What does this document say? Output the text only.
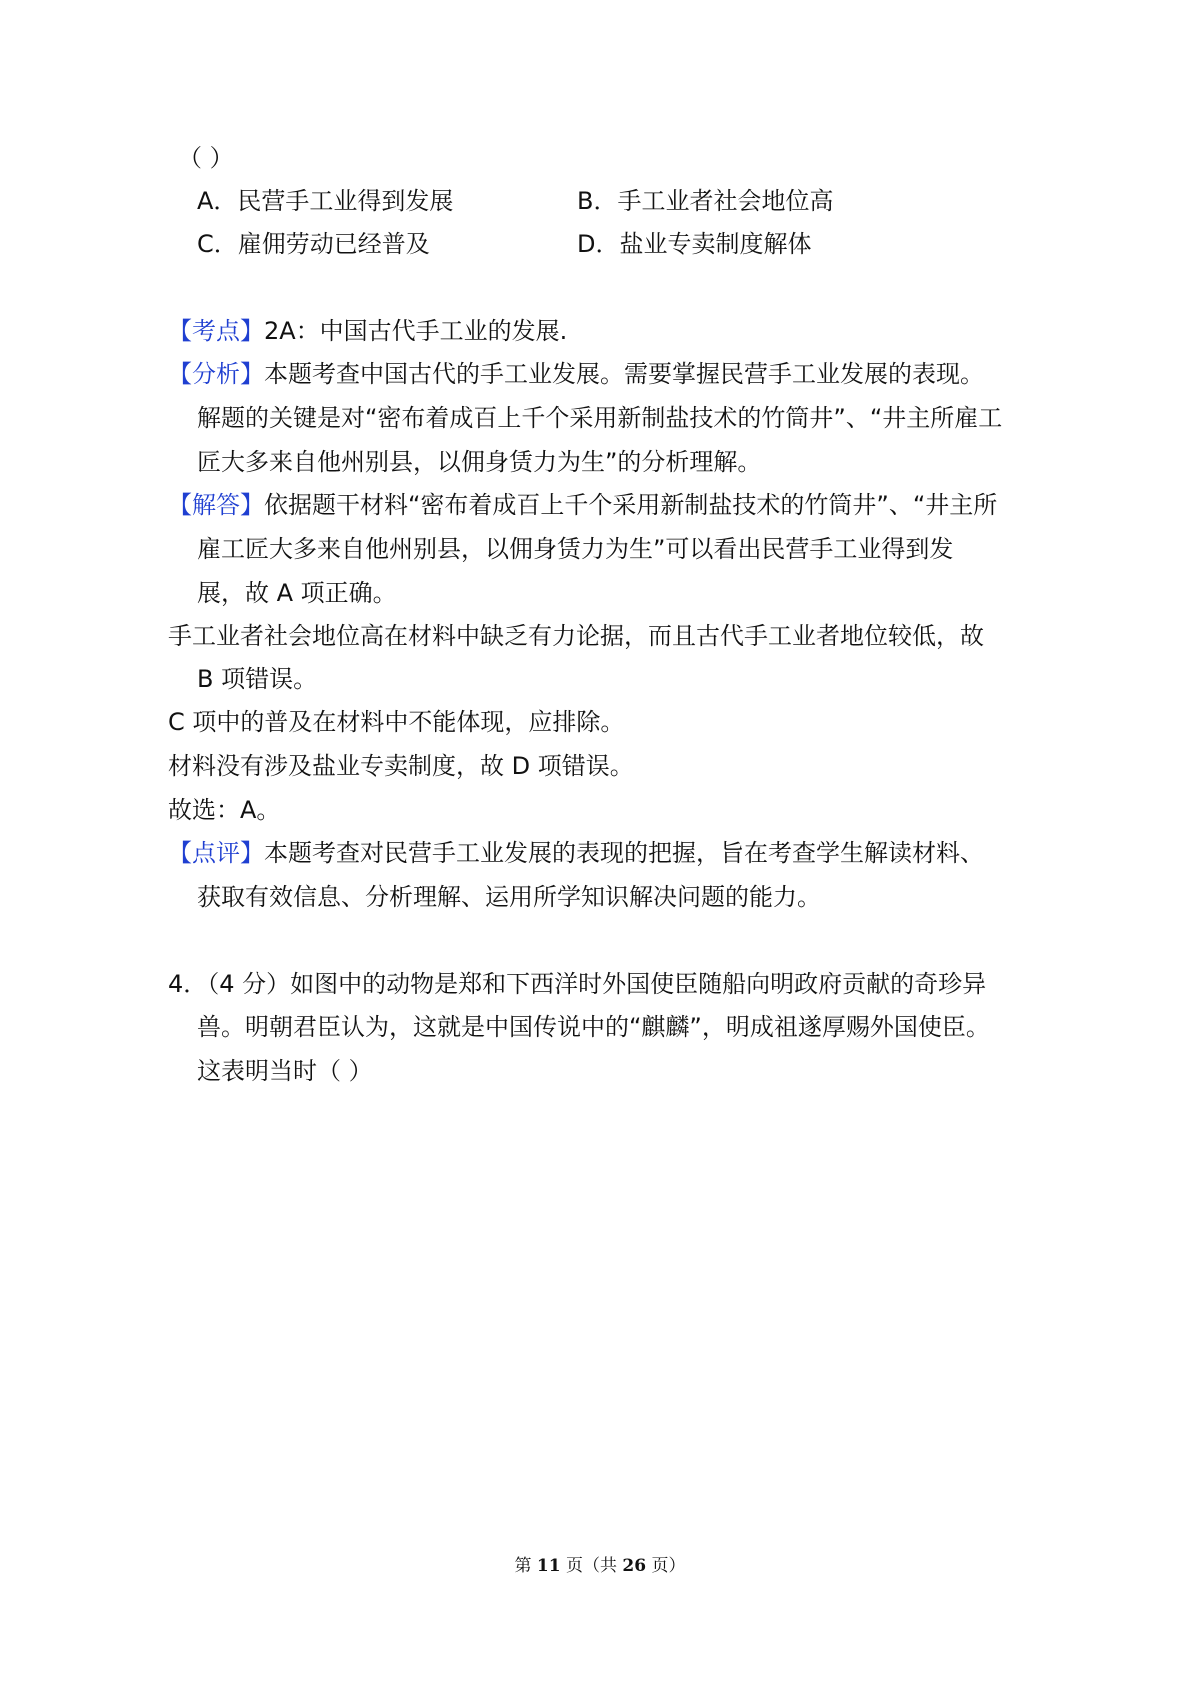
（ ）
A．民营手工业得到发展	B．手工业者社会地位高
C．雇佣劳动已经普及	D．盐业专卖制度解体
【考点】2A：中国古代手工业的发展.
【分析】本题考查中国古代的手工业发展。需要掌握民营手工业发展的表现。
解题的关键是对“密布着成百上千个采用新制盐技术的竹筒井”、“井主所雇工
匠大多来自他州别县，以佣身赁力为生”的分析理解。
【解答】依据题干材料“密布着成百上千个采用新制盐技术的竹筒井”、“井主所
雇工匠大多来自他州别县，以佣身赁力为生”可以看出民营手工业得到发
展，故 A 项正确。
手工业者社会地位高在材料中缺乏有力论据，而且古代手工业者地位较低，故
B 项错误。
C 项中的普及在材料中不能体现，应排除。
材料没有涉及盐业专卖制度，故 D 项错误。
故选：A。
【点评】本题考查对民营手工业发展的表现的把握，旨在考查学生解读材料、
获取有效信息、分析理解、运用所学知识解决问题的能力。
4．（4 分）如图中的动物是郑和下西洋时外国使臣随船向明政府贡献的奇珍异
兽。明朝君臣认为，这就是中国传说中的“麒麟”，明成祖遂厚赐外国使臣。
这表明当时（ ）
第 11 页（共 26 页）
